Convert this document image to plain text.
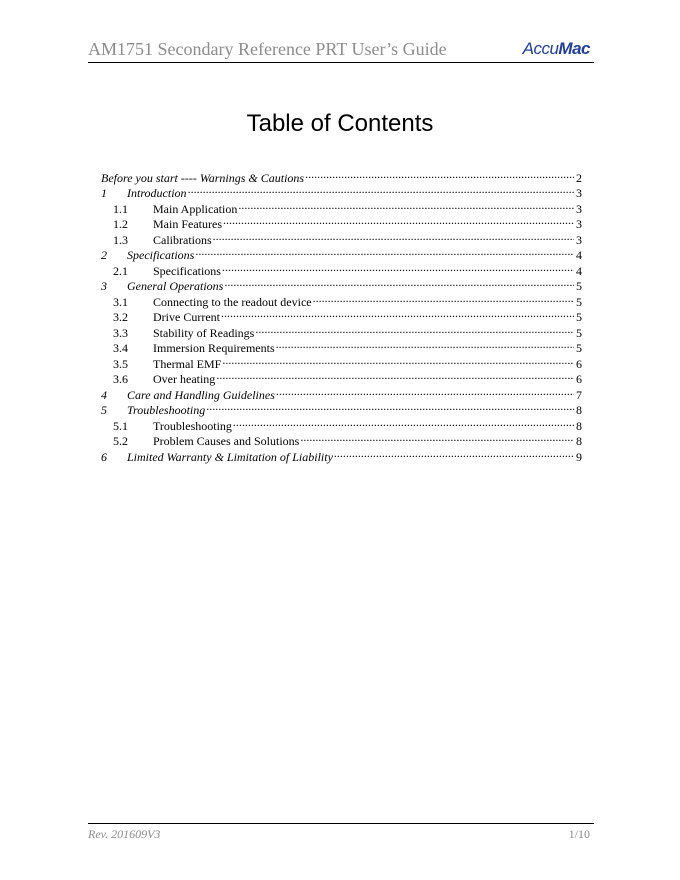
AM1751 Secondary Reference PRT User’s Guide	AccuMac
Table of Contents
Before you start ---- Warnings & Cautions .....	2
1	Introduction .....	3
1.1	Main Application .....	3
1.2	Main Features .....	3
1.3	Calibrations .....	3
2	Specifications .....	4
2.1	Specifications .....	4
3	General Operations .....	5
3.1	Connecting to the readout device .....	5
3.2	Drive Current .....	5
3.3	Stability of Readings .....	5
3.4	Immersion Requirements .....	5
3.5	Thermal EMF .....	6
3.6	Over heating .....	6
4	Care and Handling Guidelines .....	7
5	Troubleshooting .....	8
5.1	Troubleshooting .....	8
5.2	Problem Causes and Solutions .....	8
6	Limited Warranty & Limitation of Liability .....	9
Rev. 201609V3	1/10
